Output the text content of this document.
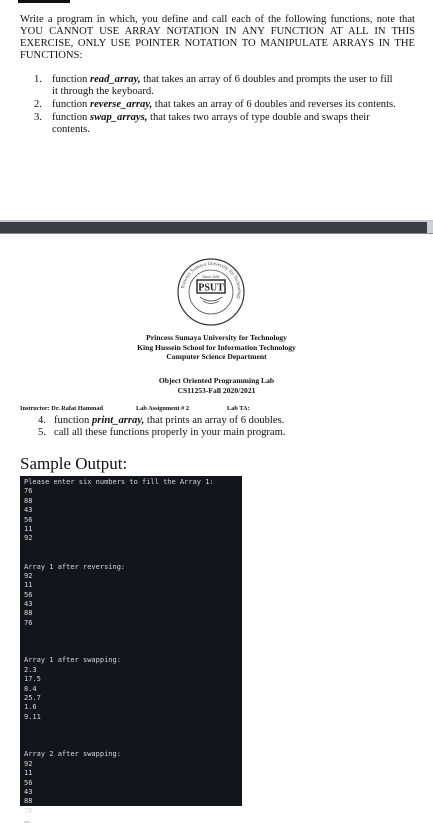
Write a program in which, you define and call each of the following functions, note that YOU CANNOT USE ARRAY NOTATION IN ANY FUNCTION AT ALL IN THIS EXERCISE, ONLY USE POINTER NOTATION TO MANIPULATE ARRAYS IN THE FUNCTIONS:

1. function read_array, that takes an array of 6 doubles and prompts the user to fill it through the keyboard.
2. function reverse_array, that takes an array of 6 doubles and reverses its contents.
3. function swap_arrays, that takes two arrays of type double and swaps their contents.
Princess Sumaya University for Technology
Since 1991
PSUT
Princess Sumaya University for Technology
King Hussein School for Information Technology
Computer Science Department
Object Oriented Programming Lab
CS11253-Fall 2020/2021
Instructor: Dr. Rafat Hammad	Lab Assignment # 2	Lab TA:
4. function print_array, that prints an array of 6 doubles.
5. call all these functions properly in your main program.
Sample Output:
Please enter six numbers to fill the Array 1:
76
88
43
56
11
92
Array 1 after reversing:
92
11
56
43
88
76
Array 1 after swapping:
2.3
17.5
8.4
25.7
1.6
9.11
Array 2 after swapping:
92
11
56
43
88
76
